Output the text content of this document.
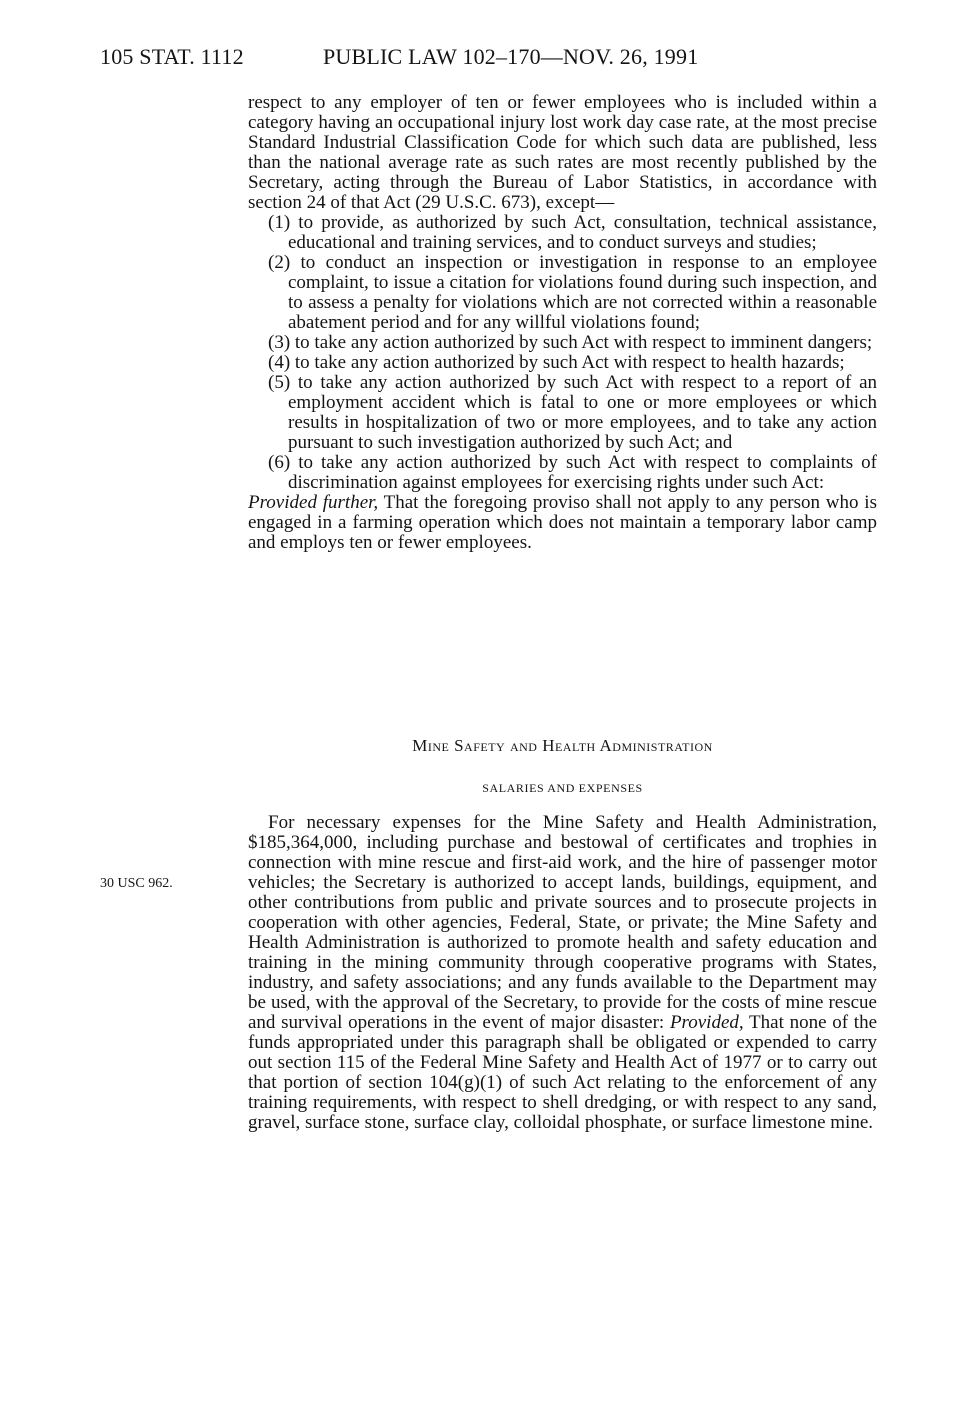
105 STAT. 1112	PUBLIC LAW 102–170—NOV. 26, 1991

respect to any employer of ten or fewer employees who is included within a category having an occupational injury lost work day case rate, at the most precise Standard Industrial Classification Code for which such data are published, less than the national average rate as such rates are most recently published by the Secretary, acting through the Bureau of Labor Statistics, in accordance with section 24 of that Act (29 U.S.C. 673), except—

(1) to provide, as authorized by such Act, consultation, technical assistance, educational and training services, and to conduct surveys and studies;
(2) to conduct an inspection or investigation in response to an employee complaint, to issue a citation for violations found during such inspection, and to assess a penalty for violations which are not corrected within a reasonable abatement period and for any willful violations found;
(3) to take any action authorized by such Act with respect to imminent dangers;
(4) to take any action authorized by such Act with respect to health hazards;
(5) to take any action authorized by such Act with respect to a report of an employment accident which is fatal to one or more employees or which results in hospitalization of two or more employees, and to take any action pursuant to such investigation authorized by such Act; and
(6) to take any action authorized by such Act with respect to complaints of discrimination against employees for exercising rights under such Act:

Provided further, That the foregoing proviso shall not apply to any person who is engaged in a farming operation which does not maintain a temporary labor camp and employs ten or fewer employees.

Mine Safety and Health Administration
SALARIES AND EXPENSES
30 USC 962.

For necessary expenses for the Mine Safety and Health Administration, $185,364,000, including purchase and bestowal of certificates and trophies in connection with mine rescue and first-aid work, and the hire of passenger motor vehicles; the Secretary is authorized to accept lands, buildings, equipment, and other contributions from public and private sources and to prosecute projects in cooperation with other agencies, Federal, State, or private; the Mine Safety and Health Administration is authorized to promote health and safety education and training in the mining community through cooperative programs with States, industry, and safety associations; and any funds available to the Department may be used, with the approval of the Secretary, to provide for the costs of mine rescue and survival operations in the event of major disaster: Provided, That none of the funds appropriated under this paragraph shall be obligated or expended to carry out section 115 of the Federal Mine Safety and Health Act of 1977 or to carry out that portion of section 104(g)(1) of such Act relating to the enforcement of any training requirements, with respect to shell dredging, or with respect to any sand, gravel, surface stone, surface clay, colloidal phosphate, or surface limestone mine.
